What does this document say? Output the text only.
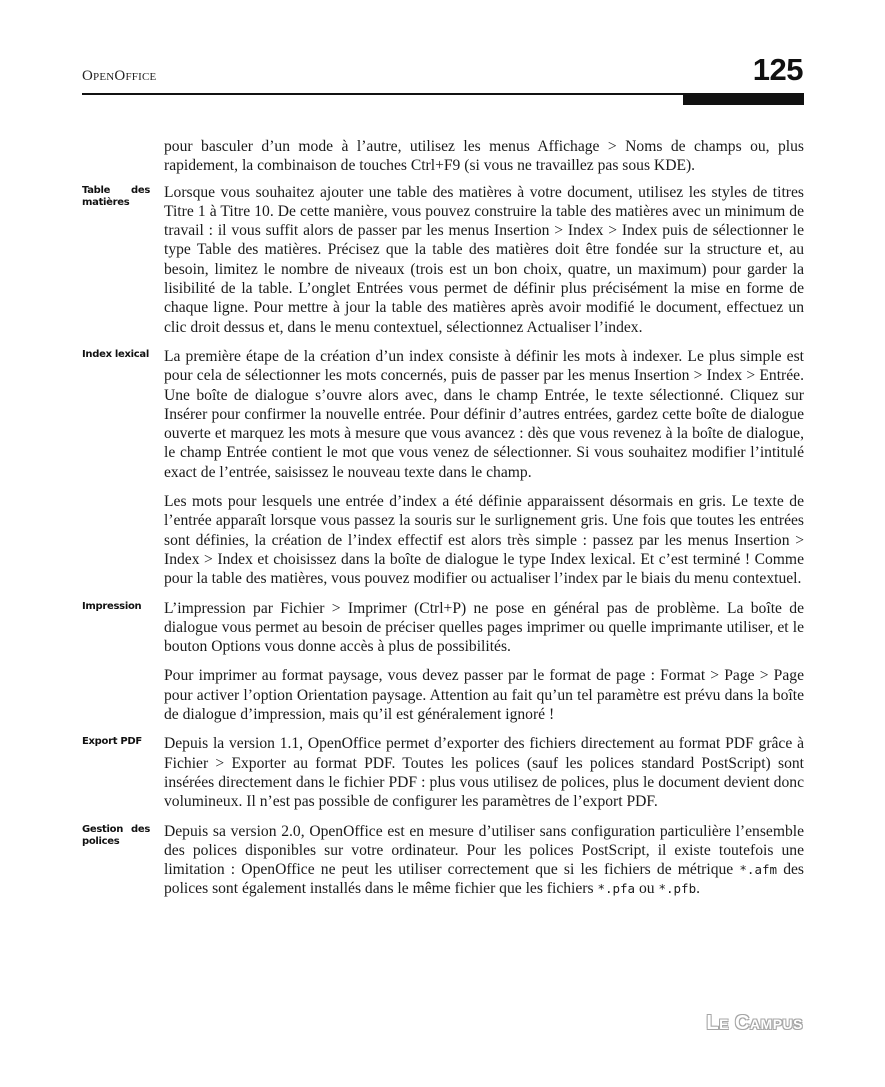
OpenOffice	125

pour basculer d’un mode à l’autre, utilisez les menus Affichage > Noms de champs ou, plus rapidement, la combinaison de touches Ctrl+F9 (si vous ne travaillez pas sous KDE).

Table des matières
Lorsque vous souhaitez ajouter une table des matières à votre document, utilisez les styles de titres Titre 1 à Titre 10. De cette manière, vous pouvez construire la table des matières avec un minimum de travail : il vous suffit alors de passer par les menus Insertion > Index > Index puis de sélectionner le type Table des matières. Précisez que la table des matières doit être fondée sur la structure et, au besoin, limitez le nombre de niveaux (trois est un bon choix, quatre, un maximum) pour garder la lisibilité de la table. L’onglet Entrées vous permet de définir plus précisément la mise en forme de chaque ligne. Pour mettre à jour la table des matières après avoir modifié le document, effectuez un clic droit dessus et, dans le menu contextuel, sélectionnez Actualiser l’index.

Index lexical La première étape de la création d’un index consiste à définir les mots à indexer. Le plus simple est pour cela de sélectionner les mots concernés, puis de passer par les menus Insertion > Index > Entrée. Une boîte de dialogue s’ouvre alors avec, dans le champ Entrée, le texte sélectionné. Cliquez sur Insérer pour confirmer la nouvelle entrée. Pour définir d’autres entrées, gardez cette boîte de dialogue ouverte et marquez les mots à mesure que vous avancez : dès que vous revenez à la boîte de dialogue, le champ Entrée contient le mot que vous venez de sélectionner. Si vous souhaitez modifier l’intitulé exact de l’entrée, saisissez le nouveau texte dans le champ.

Les mots pour lesquels une entrée d’index a été définie apparaissent désormais en gris. Le texte de l’entrée apparaît lorsque vous passez la souris sur le surlignement gris. Une fois que toutes les entrées sont définies, la création de l’index effectif est alors très simple : passez par les menus Insertion > Index > Index et choisissez dans la boîte de dialogue le type Index lexical. Et c’est terminé ! Comme pour la table des matières, vous pouvez modifier ou actualiser l’index par le biais du menu contextuel.

Impression	L’impression par Fichier > Imprimer (Ctrl+P) ne pose en général pas de problème. La boîte de dialogue vous permet au besoin de préciser quelles pages imprimer ou quelle imprimante utiliser, et le bouton Options vous donne accès à plus de possibilités.

Pour imprimer au format paysage, vous devez passer par le format de page : Format > Page > Page pour activer l’option Orientation paysage. Attention au fait qu’un tel paramètre est prévu dans la boîte de dialogue d’impression, mais qu’il est généralement ignoré !

Export PDF	Depuis la version 1.1, OpenOffice permet d’exporter des fichiers directement au format PDF grâce à Fichier > Exporter au format PDF. Toutes les polices (sauf les polices standard PostScript) sont insérées directement dans le fichier PDF : plus vous utilisez de polices, plus le document devient donc volumineux. Il n’est pas possible de configurer les paramètres de l’export PDF.

Gestion des polices
Depuis sa version 2.0, OpenOffice est en mesure d’utiliser sans configuration particulière l’ensemble des polices disponibles sur votre ordinateur. Pour les polices PostScript, il existe toutefois une limitation : OpenOffice ne peut les utiliser correctement que si les fichiers de métrique *.afm des polices sont également installés dans le même fichier que les fichiers *.pfa ou *.pfb.

Le Campus
